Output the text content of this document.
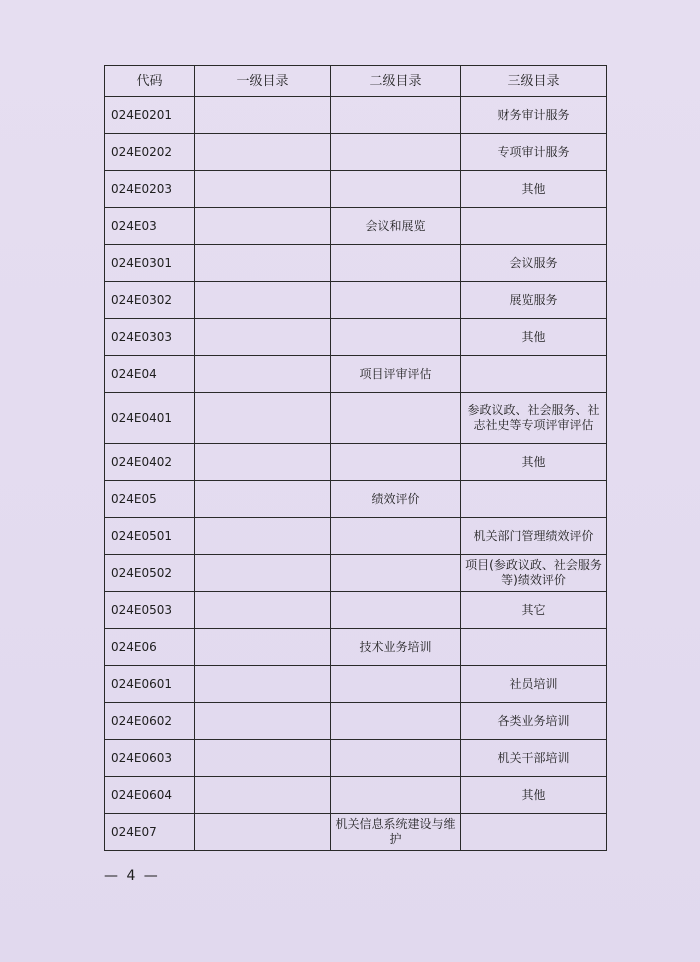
代码	一级目录	二级目录	三级目录
024E0201			财务审计服务
024E0202			专项审计服务
024E0203			其他
024E03		会议和展览	
024E0301			会议服务
024E0302			展览服务
024E0303			其他
024E04		项目评审评估	
024E0401			参政议政、社会服务、社志社史等专项评审评估
024E0402			其他
024E05		绩效评价	
024E0501			机关部门管理绩效评价
024E0502			项目(参政议政、社会服务等)绩效评价
024E0503			其它
024E06		技术业务培训	
024E0601			社员培训
024E0602			各类业务培训
024E0603			机关干部培训
024E0604			其他
024E07		机关信息系统建设与维护	
— 4 —
